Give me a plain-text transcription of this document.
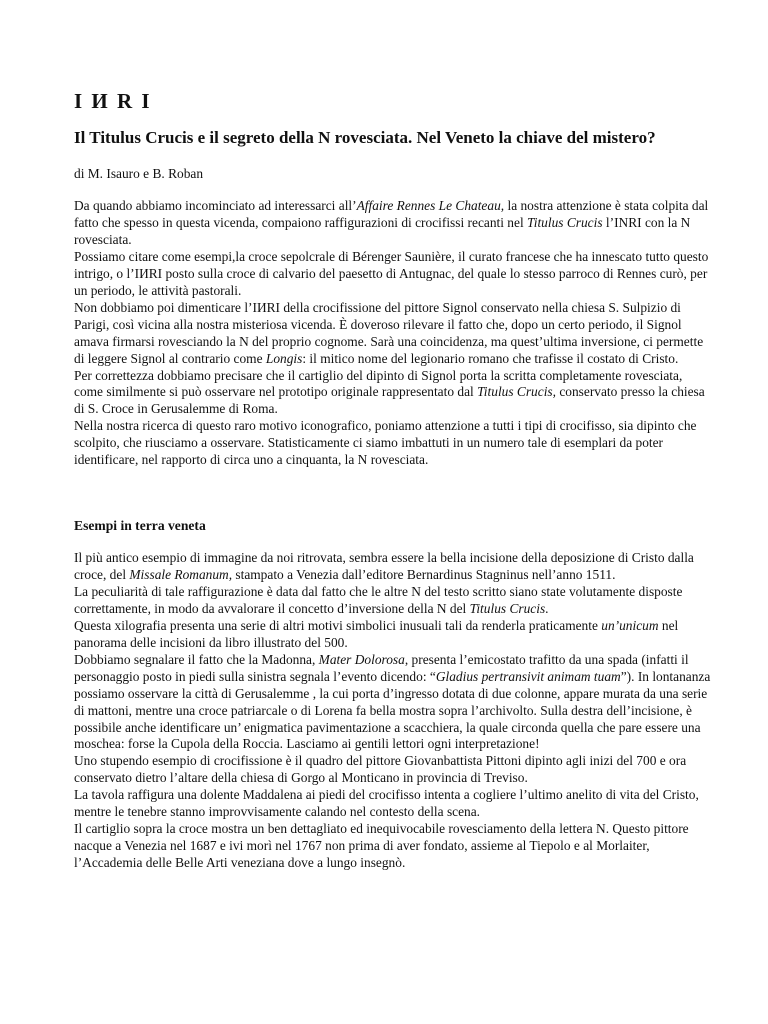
I И R I
Il Titulus Crucis e il segreto della N rovesciata. Nel Veneto la chiave del mistero?

di M. Isauro e B. Roban

Da quando abbiamo incominciato ad interessarci all’Affaire Rennes Le Chateau, la nostra attenzione è stata colpita dal fatto che spesso in questa vicenda, compaiono raffigurazioni di crocifissi recanti nel Titulus Crucis l’INRI con la N rovesciata.

Possiamo citare come esempi,la croce sepolcrale di Bérenger Saunière, il curato francese che ha innescato tutto questo intrigo, o l’IИRI posto sulla croce di calvario del paesetto di Antugnac, del quale lo stesso parroco di Rennes curò, per un periodo, le attività pastorali.

Non dobbiamo poi dimenticare l’IИRI della crocifissione del pittore Signol conservato nella chiesa S. Sulpizio di Parigi, così vicina alla nostra misteriosa vicenda. È doveroso rilevare il fatto che, dopo un certo periodo, il Signol amava firmarsi rovesciando la N del proprio cognome. Sarà una coincidenza, ma quest’ultima inversione, ci permette di leggere Signol al contrario come Longis: il mitico nome del legionario romano che trafisse il costato di Cristo.

Per correttezza dobbiamo precisare che il cartiglio del dipinto di Signol porta la scritta completamente rovesciata, come similmente si può osservare nel prototipo originale rappresentato dal Titulus Crucis, conservato presso la chiesa di S. Croce in Gerusalemme di Roma.

Nella nostra ricerca di questo raro motivo iconografico, poniamo attenzione a tutti i tipi di crocifisso, sia dipinto che scolpito, che riusciamo a osservare. Statisticamente ci siamo imbattuti in un numero tale di esemplari da poter identificare, nel rapporto di circa uno a cinquanta, la N rovesciata.

Esempi in terra veneta

Il più antico esempio di immagine da noi ritrovata, sembra essere la bella incisione della deposizione di Cristo dalla croce, del Missale Romanum, stampato a Venezia dall’editore Bernardinus Stagninus nell’anno 1511.

La peculiarità di tale raffigurazione è data dal fatto che le altre N del testo scritto siano state volutamente disposte correttamente, in modo da avvalorare il concetto d’inversione della N del Titulus Crucis.

Questa xilografia presenta una serie di altri motivi simbolici inusuali tali da renderla praticamente un’unicum nel panorama delle incisioni da libro illustrato del 500.

Dobbiamo segnalare il fatto che la Madonna, Mater Dolorosa, presenta l’emicostato trafitto da una spada (infatti il personaggio posto in piedi sulla sinistra segnala l’evento dicendo: “Gladius pertransivit animam tuam”). In lontananza possiamo osservare la città di Gerusalemme , la cui porta d’ingresso dotata di due colonne, appare murata da una serie di mattoni, mentre una croce patriarcale o di Lorena fa bella mostra sopra l’archivolto. Sulla destra dell’incisione, è possibile anche identificare un’ enigmatica pavimentazione a scacchiera, la quale circonda quella che pare essere una moschea: forse la Cupola della Roccia. Lasciamo ai gentili lettori ogni interpretazione!

Uno stupendo esempio di crocifissione è il quadro del pittore Giovanbattista Pittoni dipinto agli inizi del 700 e ora conservato dietro l’altare della chiesa di Gorgo al Monticano in provincia di Treviso.

La tavola raffigura una dolente Maddalena ai piedi del crocifisso intenta a cogliere l’ultimo anelito di vita del Cristo, mentre le tenebre stanno improvvisamente calando nel contesto della scena.

Il cartiglio sopra la croce mostra un ben dettagliato ed inequivocabile rovesciamento della lettera N. Questo pittore nacque a Venezia nel 1687 e ivi morì nel 1767 non prima di aver fondato, assieme al Tiepolo e al Morlaiter, l’Accademia delle Belle Arti veneziana dove a lungo insegnò.
